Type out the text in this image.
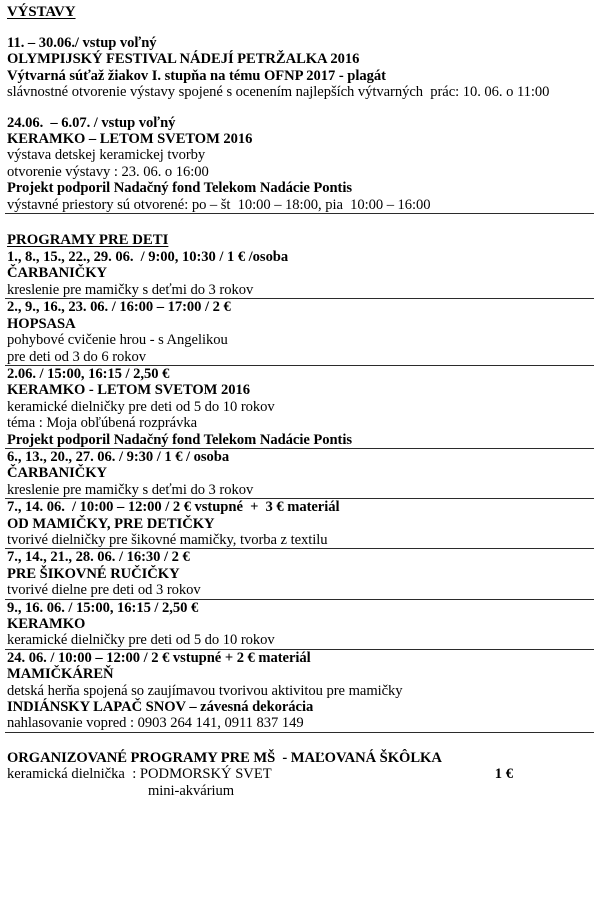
VÝSTAVY
11. – 30.06./ vstup voľný
OLYMPIJSKÝ FESTIVAL NÁDEJÍ PETRŽALKA 2016
Výtvarná súťaž žiakov I. stupňa na tému OFNP 2017 - plagát
slávnostné otvorenie výstavy spojené s ocenením najlepších výtvarných  prác: 10. 06. o 11:00
24.06.  – 6.07. / vstup voľný
KERAMKO – LETOM SVETOM 2016
výstava detskej keramickej tvorby
otvorenie výstavy : 23. 06. o 16:00
Projekt podporil Nadačný fond Telekom Nadácie Pontis
výstavné priestory sú otvorené: po – št  10:00 – 18:00, pia  10:00 – 16:00
PROGRAMY PRE DETI
1., 8., 15., 22., 29. 06.  / 9:00, 10:30 / 1 € /osoba
ČARBANIČKY
kreslenie pre mamičky s deťmi do 3 rokov
2., 9., 16., 23. 06. / 16:00 – 17:00 / 2 €
HOPSASA
pohybové cvičenie hrou - s Angelikou
pre deti od 3 do 6 rokov
2.06. / 15:00, 16:15 / 2,50 €
KERAMKO - LETOM SVETOM 2016
keramické dielničky pre deti od 5 do 10 rokov
téma : Moja obľúbená rozprávka
Projekt podporil Nadačný fond Telekom Nadácie Pontis
6., 13., 20., 27. 06. / 9:30 / 1 € / osoba
ČARBANIČKY
kreslenie pre mamičky s deťmi do 3 rokov
7., 14. 06.  / 10:00 – 12:00 / 2 € vstupné  +  3 € materiál
OD MAMIČKY, PRE DETIČKY
tvorivé dielničky pre šikovné mamičky, tvorba z textilu
7., 14., 21., 28. 06. / 16:30 / 2 €
PRE ŠIKOVNÉ RUČIČKY
tvorivé dielne pre deti od 3 rokov
9., 16. 06. / 15:00, 16:15 / 2,50 €
KERAMKO
keramické dielničky pre deti od 5 do 10 rokov
24. 06. / 10:00 – 12:00 / 2 € vstupné + 2 € materiál
MAMIČKÁREŇ
detská herňa spojená so zaujímavou tvorivou aktivitou pre mamičky
INDIÁNSKY LAPAČ SNOV – závesná dekorácia
nahlasovanie vopred : 0903 264 141, 0911 837 149
ORGANIZOVANÉ PROGRAMY PRE MŠ  - MAĽOVANÁ ŠKÔLKA
keramická dielnička  : PODMORSKÝ SVET	1 €
mini-akvárium
